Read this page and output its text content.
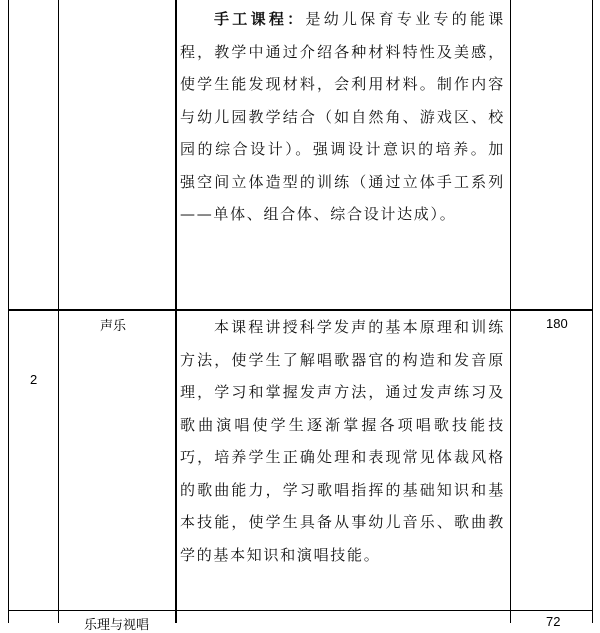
手工课程：是幼儿保育专业专的能课程，教学中通过介绍各种材料特性及美感，使学生能发现材料，会利用材料。制作内容与幼儿园教学结合（如自然角、游戏区、校园的综合设计）。强调设计意识的培养。加强空间立体造型的训练（通过立体手工系列——单体、组合体、综合设计达成）。
2
声乐	180
本课程讲授科学发声的基本原理和训练方法，使学生了解唱歌器官的构造和发音原理，学习和掌握发声方法，通过发声练习及歌曲演唱使学生逐渐掌握各项唱歌技能技巧，培养学生正确处理和表现常见体裁风格的歌曲能力，学习歌唱指挥的基础知识和基本技能，使学生具备从事幼儿音乐、歌曲教学的基本知识和演唱技能。
乐理与视唱	72
